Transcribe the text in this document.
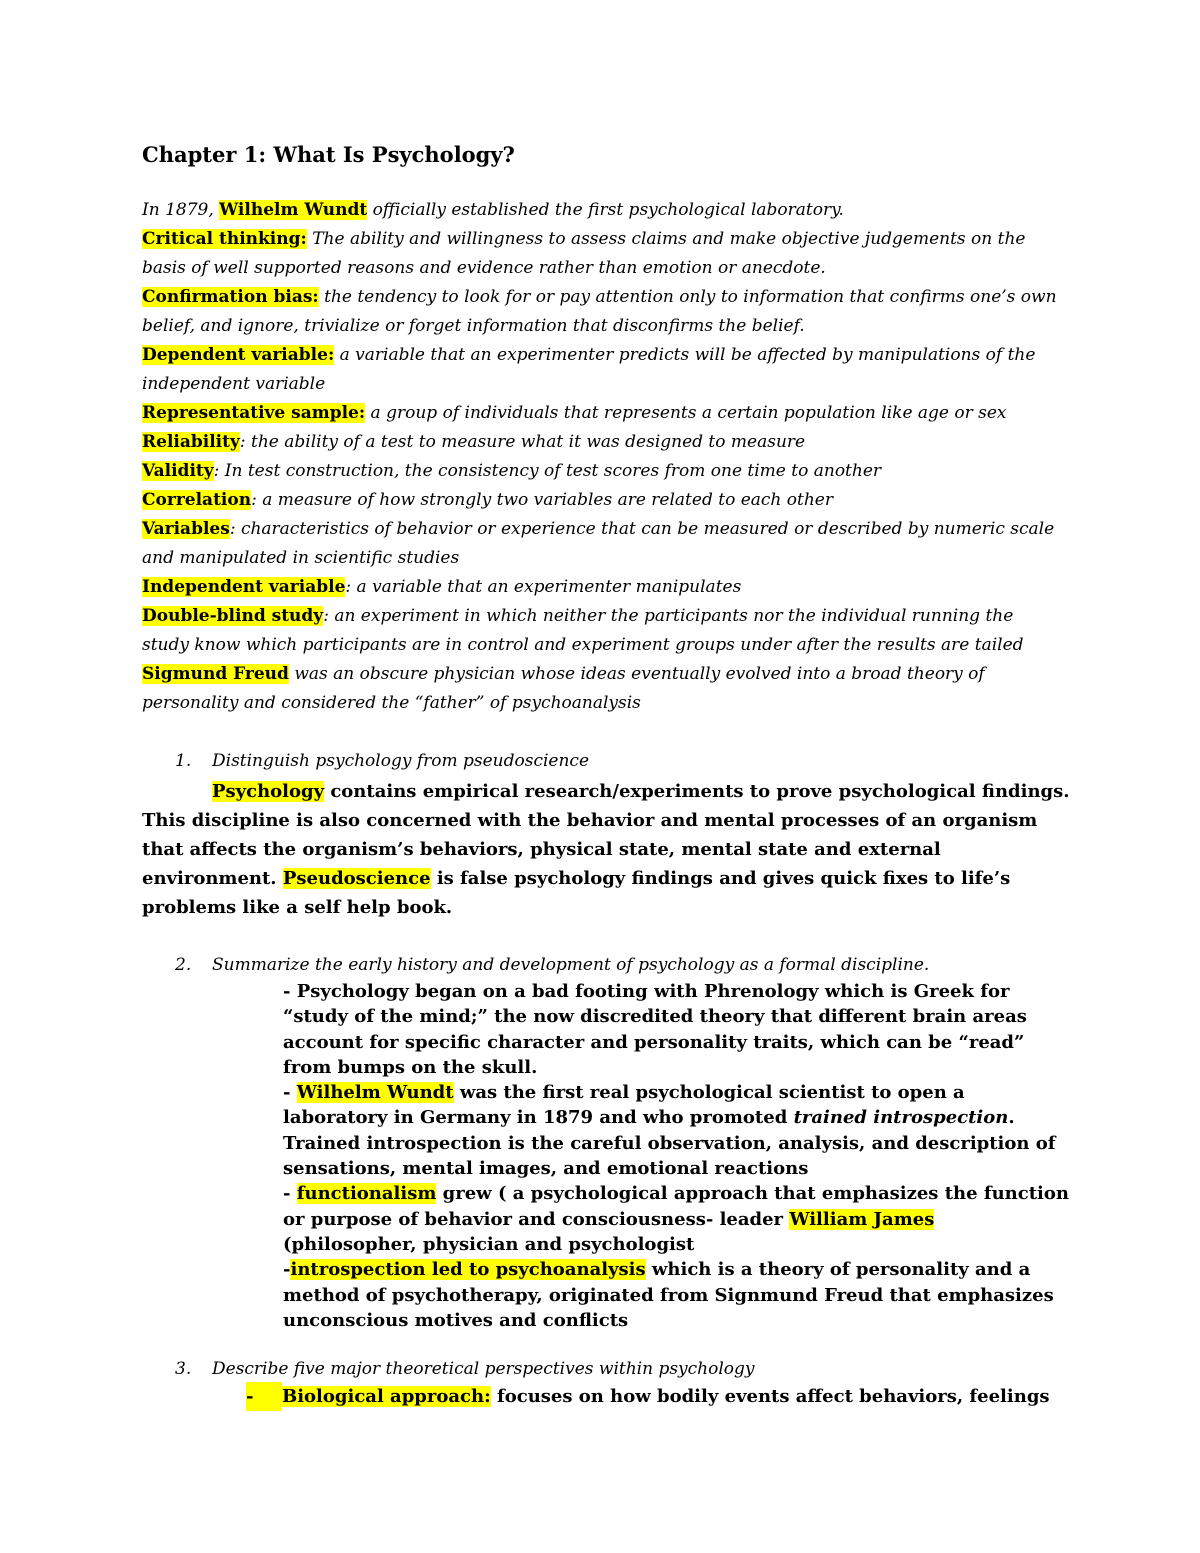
Chapter 1: What Is Psychology?

In 1879, Wilhelm Wundt officially established the first psychological laboratory.

Critical thinking: The ability and willingness to assess claims and make objective judgements on the basis of well supported reasons and evidence rather than emotion or anecdote.

Confirmation bias: the tendency to look for or pay attention only to information that confirms one’s own belief, and ignore, trivialize or forget information that disconfirms the belief.

Dependent variable: a variable that an experimenter predicts will be affected by manipulations of the independent variable

Representative sample: a group of individuals that represents a certain population like age or sex

Reliability: the ability of a test to measure what it was designed to measure

Validity: In test construction, the consistency of test scores from one time to another

Correlation: a measure of how strongly two variables are related to each other

Variables: characteristics of behavior or experience that can be measured or described by numeric scale and manipulated in scientific studies

Independent variable: a variable that an experimenter manipulates

Double-blind study: an experiment in which neither the participants nor the individual running the study know which participants are in control and experiment groups under after the results are tailed

Sigmund Freud was an obscure physician whose ideas eventually evolved into a broad theory of personality and considered the “father” of psychoanalysis

1. Distinguish psychology from pseudoscience

Psychology contains empirical research/experiments to prove psychological findings. This discipline is also concerned with the behavior and mental processes of an organism that affects the organism’s behaviors, physical state, mental state and external environment. Pseudoscience is false psychology findings and gives quick fixes to life’s problems like a self help book.

2. Summarize the early history and development of psychology as a formal discipline.

- Psychology began on a bad footing with Phrenology which is Greek for “study of the mind;” the now discredited theory that different brain areas account for specific character and personality traits, which can be “read” from bumps on the skull.

- Wilhelm Wundt was the first real psychological scientist to open a laboratory in Germany in 1879 and who promoted trained introspection. Trained introspection is the careful observation, analysis, and description of sensations, mental images, and emotional reactions

- functionalism grew ( a psychological approach that emphasizes the function or purpose of behavior and consciousness- leader William James (philosopher, physician and psychologist

-introspection led to psychoanalysis which is a theory of personality and a method of psychotherapy, originated from Signmund Freud that emphasizes unconscious motives and conflicts

3. Describe five major theoretical perspectives within psychology

- Biological approach: focuses on how bodily events affect behaviors, feelings
